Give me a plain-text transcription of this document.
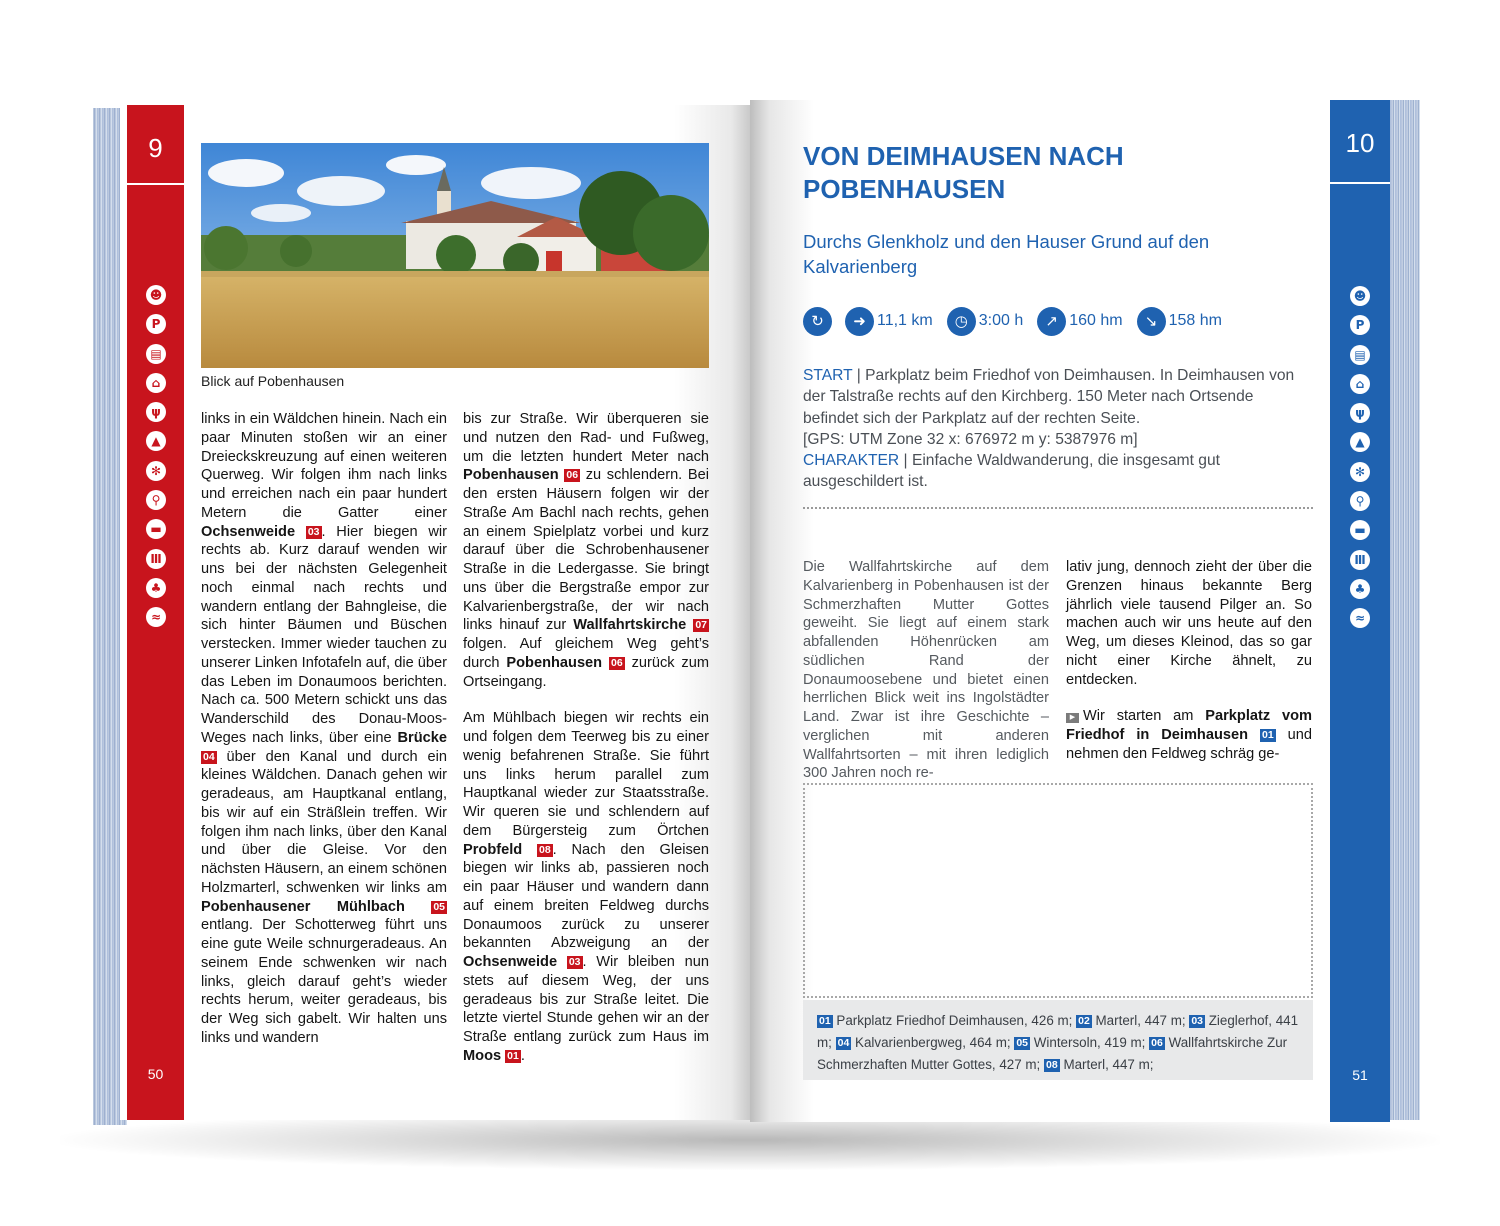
9
☻
P
▤
⌂
ψ
▲
✻
⚲
▬
Ⅲ
♣
≈
50
Blick auf Pobenhausen

links in ein Wäldchen hinein. Nach ein paar Minuten stoßen wir an einer Dreieckskreuzung auf einen weiteren Querweg. Wir folgen ihm nach links und erreichen nach ein paar hundert Metern die Gatter einer Ochsenweide 03 . Hier biegen wir rechts ab. Kurz darauf wenden wir uns bei der nächsten Gelegenheit noch einmal nach rechts und wandern entlang der Bahngleise, die sich hinter Bäumen und Büschen verstecken. Immer wieder tauchen zu unserer Linken Infotafeln auf, die über das Leben im Donaumoos berichten. Nach ca. 500 Metern schickt uns das Wanderschild des Donau-Moos-Weges nach links, über eine Brücke 04 über den Kanal und durch ein kleines Wäldchen. Danach gehen wir geradeaus, am Hauptkanal entlang, bis wir auf ein Sträßlein treffen. Wir folgen ihm nach links, über den Kanal und über die Gleise. Vor den nächsten Häusern, an einem schönen Holzmarterl, schwenken wir links am Pobenhausener Mühlbach	05 entlang. Der Schotterweg führt uns eine gute Weile schnurgeradeaus. An seinem Ende schwenken wir nach links, gleich darauf geht’s wieder rechts herum, weiter geradeaus, bis der Weg sich gabelt. Wir halten uns links und wandern

bis zur Straße. Wir überqueren sie und nutzen den Rad- und Fußweg, um die letzten hundert Meter nach Pobenhausen 06 zu schlendern. Bei den ersten Häusern folgen wir der Straße Am Bachl nach rechts, gehen an einem Spielplatz vorbei und kurz darauf über die Schrobenhausener Straße in die Ledergasse. Sie bringt uns über die Bergstraße empor zur Kalvarienbergstraße, der wir nach links hinauf zur Wallfahrtskirche 07 folgen. Auf gleichem Weg geht’s durch Pobenhausen 06 zurück zum Ortseingang.

Am Mühlbach biegen wir rechts ein und folgen dem Teerweg bis zu einer wenig befahrenen Straße. Sie führt uns links herum parallel zum Hauptkanal wieder zur Staatsstraße. Wir queren sie und schlendern auf dem Bürgersteig zum Örtchen Probfeld 08 . Nach den Gleisen biegen wir links ab, passieren noch ein paar Häuser und wandern dann auf einem breiten Feldweg durchs Donaumoos zurück zu unserer bekannten Abzweigung an der Ochsenweide 03 . Wir bleiben nun stets auf diesem Weg, der uns geradeaus bis zur Straße leitet. Die letzte viertel Stunde gehen wir an der Straße entlang zurück zum Haus im Moos 01 .

VON DEIMHAUSEN NACH POBENHAUSEN
Durchs Glenkholz und den Hauser Grund auf den Kalvarienberg
↻	➜ 11,1 km	◷ 3:00 h	↗ 160 hm	↘ 158 hm
START | Parkplatz beim Friedhof von Deimhausen. In Deimhausen von der Talstraße rechts auf den Kirchberg. 150 Meter nach Ortsende befindet sich der Parkplatz auf der rechten Seite.
[GPS: UTM Zone 32 x: 676972 m y: 5387976 m]
CHARAKTER | Einfache Waldwanderung, die insgesamt gut ausgeschildert ist.

Die Wallfahrtskirche auf dem Kalvarienberg in Pobenhausen ist der Schmerzhaften Mutter Gottes geweiht. Sie liegt auf einem stark abfallenden Höhenrücken am südlichen Rand der Donaumoosebene und bietet einen herrlichen Blick weit ins Ingolstädter Land. Zwar ist ihre Geschichte – verglichen mit anderen Wallfahrtsorten – mit ihren lediglich 300 Jahren noch re-

lativ jung, dennoch zieht der über die Grenzen hinaus bekannte Berg jährlich viele tausend Pilger an. So machen auch wir uns heute auf den Weg, um dieses Kleinod, das so gar nicht einer Kirche ähnelt, zu entdecken.

▶ Wir starten am Parkplatz vom Friedhof in Deimhausen 01 und nehmen den Feldweg schräg ge-

01 Parkplatz Friedhof Deimhausen, 426 m; 02 Marterl, 447 m; 03 Zieglerhof, 441 m; 04 Kalvarienbergweg, 464 m; 05 Wintersoln, 419 m; 06 Wallfahrtskirche Zur Schmerzhaften Mutter Gottes, 427 m; 08 Marterl, 447 m;
10
☻
P
▤
⌂
ψ
▲
✻
⚲
▬
Ⅲ
♣
≈
51
